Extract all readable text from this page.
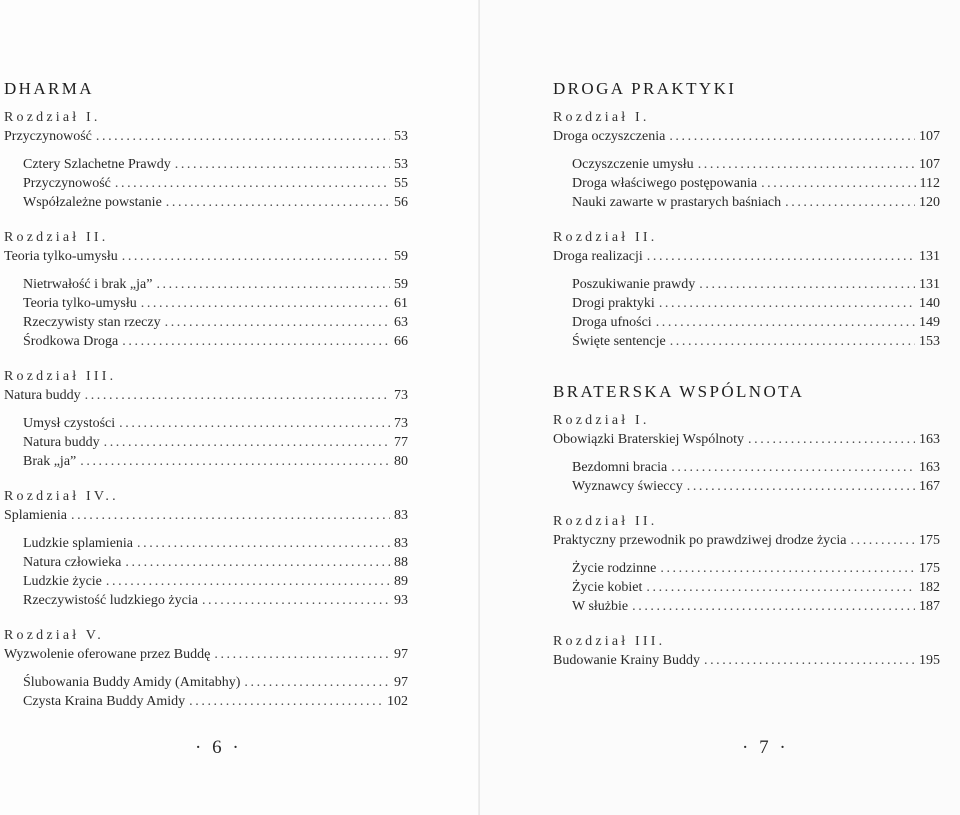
DHARMA
Rozdział I.
Przyczynowość .....	53
Cztery Szlachetne Prawdy .....	53
Przyczynowość .....	55
Współzależne powstanie .....	56
Rozdział II.
Teoria tylko-umysłu .....	59
Nietrwałość i brak „ja” .....	59
Teoria tylko-umysłu .....	61
Rzeczywisty stan rzeczy .....	63
Środkowa Droga .....	66
Rozdział III.
Natura buddy .....	73
Umysł czystości .....	73
Natura buddy .....	77
Brak „ja” .....	80
Rozdział IV..
Splamienia .....	83
Ludzkie splamienia .....	83
Natura człowieka .....	88
Ludzkie życie .....	89
Rzeczywistość ludzkiego życia .....	93
Rozdział V.
Wyzwolenie oferowane przez Buddę .....	97
Ślubowania Buddy Amidy (Amitabhy) .....	97
Czysta Kraina Buddy Amidy .....	102
· 6 ·
DROGA PRAKTYKI
Rozdział I.
Droga oczyszczenia .....	107
Oczyszczenie umysłu .....	107
Droga właściwego postępowania .....	112
Nauki zawarte w prastarych baśniach .....	120
Rozdział II.
Droga realizacji .....	131
Poszukiwanie prawdy .....	131
Drogi praktyki .....	140
Droga ufności .....	149
Święte sentencje .....	153
BRATERSKA WSPÓLNOTA
Rozdział I.
Obowiązki Braterskiej Wspólnoty .....	163
Bezdomni bracia .....	163
Wyznawcy świeccy .....	167
Rozdział II.
Praktyczny przewodnik po prawdziwej drodze życia .....	175
Życie rodzinne .....	175
Życie kobiet .....	182
W służbie .....	187
Rozdział III.
Budowanie Krainy Buddy .....	195
· 7 ·
